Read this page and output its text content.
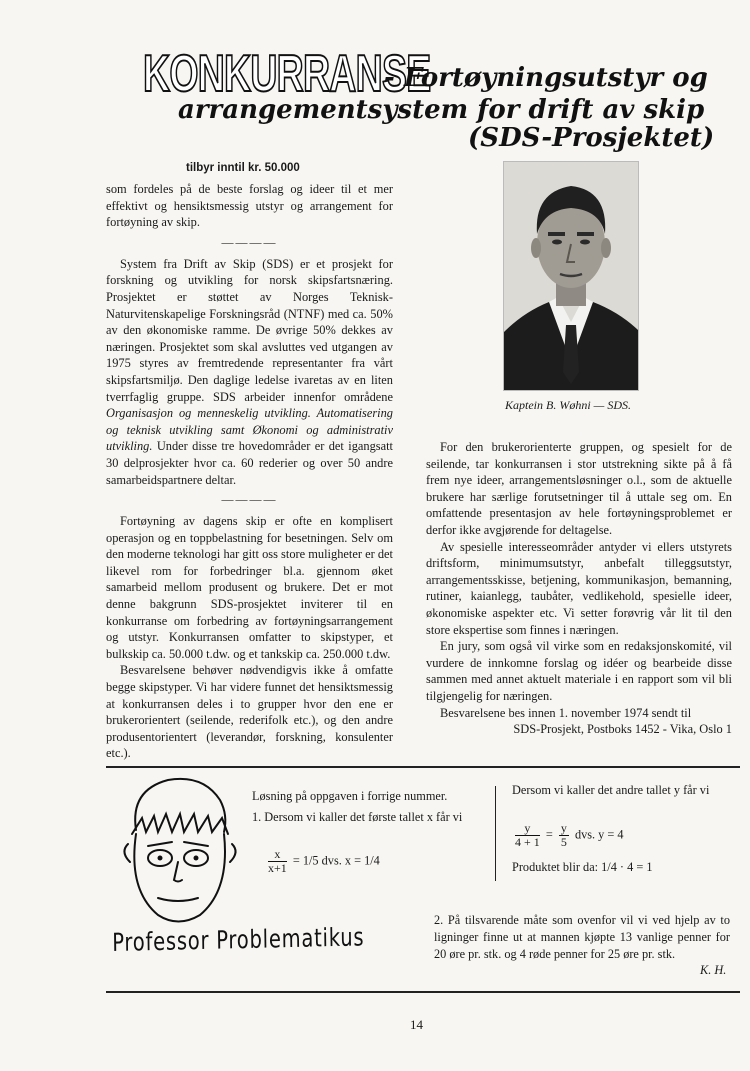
KONKURRANSE
- Fortøyningsutstyr og
arrangementsystem for drift av skip
(SDS-Prosjektet)
tilbyr inntil kr. 50.000

som fordeles på de beste forslag og ideer til et mer effektivt og hensiktsmessig utstyr og arrangement for fortøyning av skip.

————

System fra Drift av Skip (SDS) er et prosjekt for forskning og utvikling for norsk skipsfartsnæring. Prosjektet er støttet av Norges Teknisk-Naturvitenskapelige Forskningsråd (NTNF) med ca. 50% av den økonomiske ramme. De øvrige 50% dekkes av næringen. Prosjektet som skal avsluttes ved utgangen av 1975 styres av fremtredende representanter fra vårt skipsfartsmiljø. Den daglige ledelse ivaretas av en liten tverrfaglig gruppe. SDS arbeider innenfor områdene Organisasjon og menneskelig utvikling. Automatisering og teknisk utvikling samt Økonomi og administrativ utvikling. Under disse tre hovedområder er det igangsatt 30 delprosjekter hvor ca. 60 rederier og over 50 andre samarbeidspartnere deltar.

————

Fortøyning av dagens skip er ofte en komplisert operasjon og en toppbelastning for besetningen. Selv om den moderne teknologi har gitt oss store muligheter er det likevel rom for forbedringer bl.a. gjennom øket samarbeid mellom produsent og brukere. Det er mot denne bakgrunn SDS-prosjektet inviterer til en konkurranse om forbedring av fortøyningsarrangement og utstyr. Konkurransen omfatter to skipstyper, et bulkskip ca. 50.000 t.dw. og et tankskip ca. 250.000 t.dw.

Besvarelsene behøver nødvendigvis ikke å omfatte begge skipstyper. Vi har videre funnet det hensiktsmessig at konkurransen deles i to grupper hvor den ene er brukerorientert (seilende, rederifolk etc.), og den andre produsentorientert (leverandør, forskning, konsulenter etc.).

Kaptein B. Wøhni — SDS.

For den brukerorienterte gruppen, og spesielt for de seilende, tar konkurransen i stor utstrekning sikte på å få frem nye ideer, arrangementsløsninger o.l., som de aktuelle brukere har særlige forutsetninger til å uttale seg om. En omfattende presentasjon av hele fortøyningsproblemet er derfor ikke avgjørende for deltagelse.

Av spesielle interesseområder antyder vi ellers utstyrets driftsform, minimumsutstyr, anbefalt tilleggsutstyr, arrangementsskisse, betjening, kommunikasjon, bemanning, rutiner, kaianlegg, taubåter, vedlikehold, spesielle ideer, økonomiske aspekter etc. Vi setter forøvrig vår lit til den store ekspertise som finnes i næringen.

En jury, som også vil virke som en redaksjonskomité, vil vurdere de innkomne forslag og idéer og bearbeide disse sammen med annet aktuelt materiale i en rapport som vil bli tilgjengelig for næringen.

Besvarelsene bes innen 1. november 1974 sendt til

SDS-Prosjekt, Postboks 1452 - Vika, Oslo 1

Professor Problematikus
Løsning på oppgaven i forrige nummer.
1. Dersom vi kaller det første tallet x får vi
$\frac{x}{x+1} = 1/5$ dvs. x = 1/4
Dersom vi kaller det andre tallet y får vi
$\frac{y}{4 + 1} = \frac{y}{5}$ dvs. y = 4
Produktet blir da: 1/4 · 4 = 1
2. På tilsvarende måte som ovenfor vil vi ved hjelp av to ligninger finne ut at mannen kjøpte 13 vanlige penner for 20 øre pr. stk. og 4 røde penner for 25 øre pr. stk.
K. H.
14
